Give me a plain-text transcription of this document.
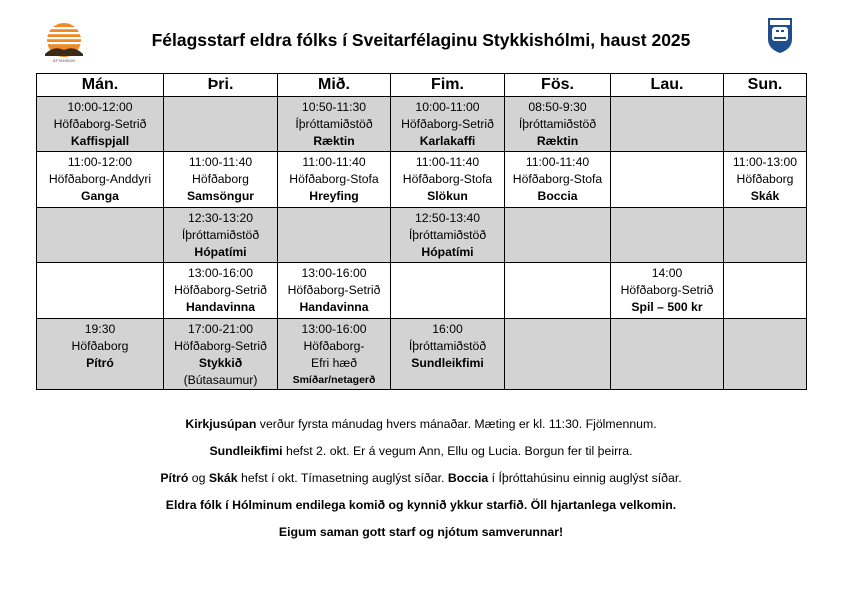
ÁFTANSKIN
Félagsstarf eldra fólks í Sveitarfélaginu Stykkishólmi, haust 2025
Mán.	Þri.	Mið.	Fim.	Fös.	Lau.	Sun.

10:00-12:00
Höfðaborg-Setrið
Kaffispjall		10:50-11:30
Íþróttamiðstöð
Ræktin	10:00-11:00
Höfðaborg-Setrið
Karlakaffi	08:50-9:30
Íþróttamiðstöð
Ræktin		

11:00-12:00
Höfðaborg-Anddyri
Ganga	11:00-11:40
Höfðaborg
Samsöngur	11:00-11:40
Höfðaborg-Stofa
Hreyfing	11:00-11:40
Höfðaborg-Stofa
Slökun	11:00-11:40
Höfðaborg-Stofa
Boccia		11:00-13:00
Höfðaborg
Skák

	12:30-13:20
Íþróttamiðstöð
Hópatími		12:50-13:40
Íþróttamiðstöð
Hópatími			

	13:00-16:00
Höfðaborg-Setrið
Handavinna	13:00-16:00
Höfðaborg-Setrið
Handavinna			14:00
Höfðaborg-Setrið
Spil – 500 kr	

19:30
Höfðaborg
Pítró	17:00-21:00
Höfðaborg-Setrið
Stykkið
(Bútasaumur)	13:00-16:00
Höfðaborg-
Efri hæð
Smíðar/netagerð	16:00
Íþróttamiðstöð
Sundleikfimi			

Kirkjusúpan verður fyrsta mánudag hvers mánaðar. Mæting er kl. 11:30. Fjölmennum.

Sundleikfimi hefst 2. okt. Er á vegum Ann, Ellu og Lucia. Borgun fer til þeirra.

Pítró og Skák hefst í okt. Tímasetning auglýst síðar. Boccia í Íþróttahúsinu einnig auglýst síðar.

Eldra fólk í Hólminum endilega komið og kynnið ykkur starfið. Öll hjartanlega velkomin.

Eigum saman gott starf og njótum samverunnar!
